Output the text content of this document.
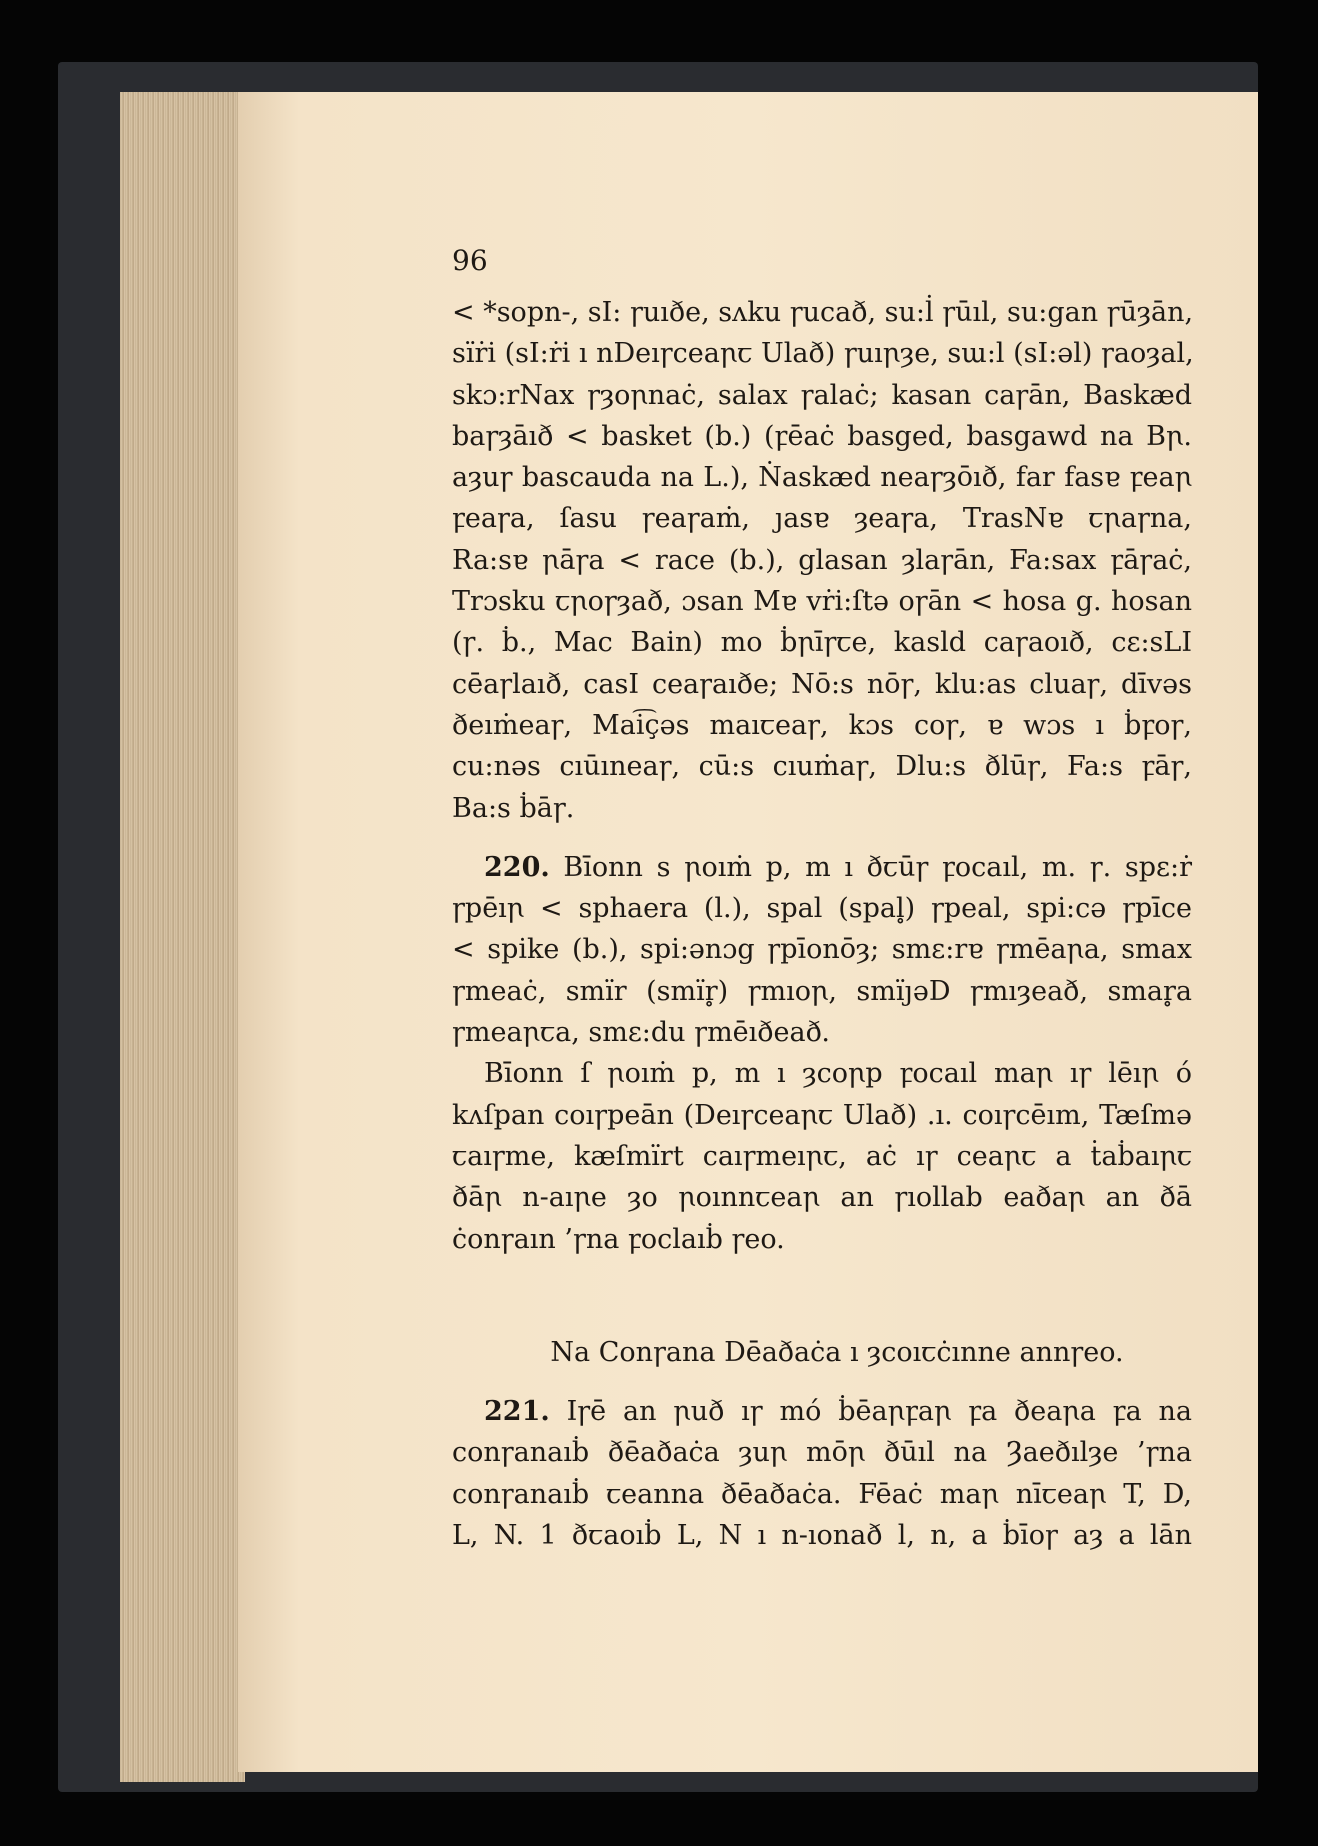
96
< *sopn-, sI: ꞅuıðe, sʌku ꞅucað, su:l̇ ꞅūıl, su:gan ꞅūȝān,
sïṙi (sI:ṙi ı nDeıꞅceaꞃꞇ Ulað) ꞅuıꞃȝe, sɯ:l (sI:əl) ꞅaoȝal,
skɔ:rNax ꞅȝoꞃnaċ, salax ꞅalaċ; kasan caꞅān, Baskæd
baꞅȝāıð < basket (b.) (ꝼēaċ basged, basgawd na Bꞃ.
aȝuꞅ bascauda na L.), Ṅaskæd neaꞅȝōıð, far fasɐ ꝼeaꞃ
ꝼeaꞅa, ſasu ꞅeaꞅaṁ, ȷasɐ ȝeaꞅa, TrasNɐ ꞇꞃaꞅna,
Ra:sɐ ꞃāꞅa < race (b.), glasan ȝlaꞅān, Fa:sax ꝼāꞅaċ,
Trɔsku ꞇꞃoꞅȝað, ɔsan Mɐ vṙi:ſtə oꞅān < hosa g. hosan
(ꞅ. ḃ., Mac Bain) mo ḃꞃīꞅꞇe, kasld caꞅaoıð, cɛ:sLI
cēaꞅlaıð, casI ceaꞅaıðe; Nō:s nōꞅ, klu:as cluaꞅ, dīvəs
ðeıṁeaꞅ, Mai͡çəs maıꞇeaꞅ, kɔs coꞅ, ɐ wɔs ı ḃꝼoꞅ,
cu:nəs cıūıneaꞅ, cū:s cıuṁaꞅ, Dlu:s ðlūꞅ, Fa:s ꝼāꞅ,
Ba:s ḃāꞅ.
220. Bīonn s ꞃoıṁ p, m ı ðꞇūꞅ ꝼocaıl, m. ꞅ. spɛ:ṙ
ꞅpēıꞃ < sphaera (l.), spal (spal̥) ꞅpeal, spi:cə ꞅpīce
< spike (b.), spi:ənɔg ꞅpīonōȝ; smɛ:rɐ ꞅmēaꞃa, smax
ꞅmeaċ, smïr (smïr̥) ꞅmıoꞃ, smïȷəD ꞅmıȝeað, smar̥a
ꞅmeaꞃꞇa, smɛ:du ꞅmēıðeað.
Bīonn ſ ꞃoıṁ p, m ı ȝcoꞃp ꝼocaıl maꞃ ıꞅ lēıꞃ ó
kʌſpan coıꞅpeān (Deıꞅceaꞃꞇ Ulað) .ı. coıꞅcēım, Tæſmə
ꞇaıꞅme, kæſmïrt caıꞅmeıꞃꞇ, aċ ıꞅ ceaꞃꞇ a ṫaḃaıꞃꞇ
ðāꞃ n-aıꞃe ȝo ꞃoınnꞇeaꞃ an ꞅıollab eaðaꞃ an ðā
ċonꞅaın ’ꞅna ꝼoclaıḃ ꞅeo.
Na Conꞅana Dēaðaċa ı ȝcoıꞇċınne annꞅeo.
221. Iꞅē an ꞃuð ıꞅ mó ḃēaꞃꝼaꞃ ꝼa ðeaꞃa ꝼa na
conꞅanaıḃ ðēaðaċa ȝuꞃ mōꞃ ðūıl na Ȝaeðılȝe ’ꞅna
conꞅanaıḃ ꞇeanna ðēaðaċa. Fēaċ maꞃ nīꞇeaꞃ T, D,
L, N. 1 ðꞇaoıḃ L, N ı n-ıonað l, n, a ḃīoꞅ aȝ a lān
